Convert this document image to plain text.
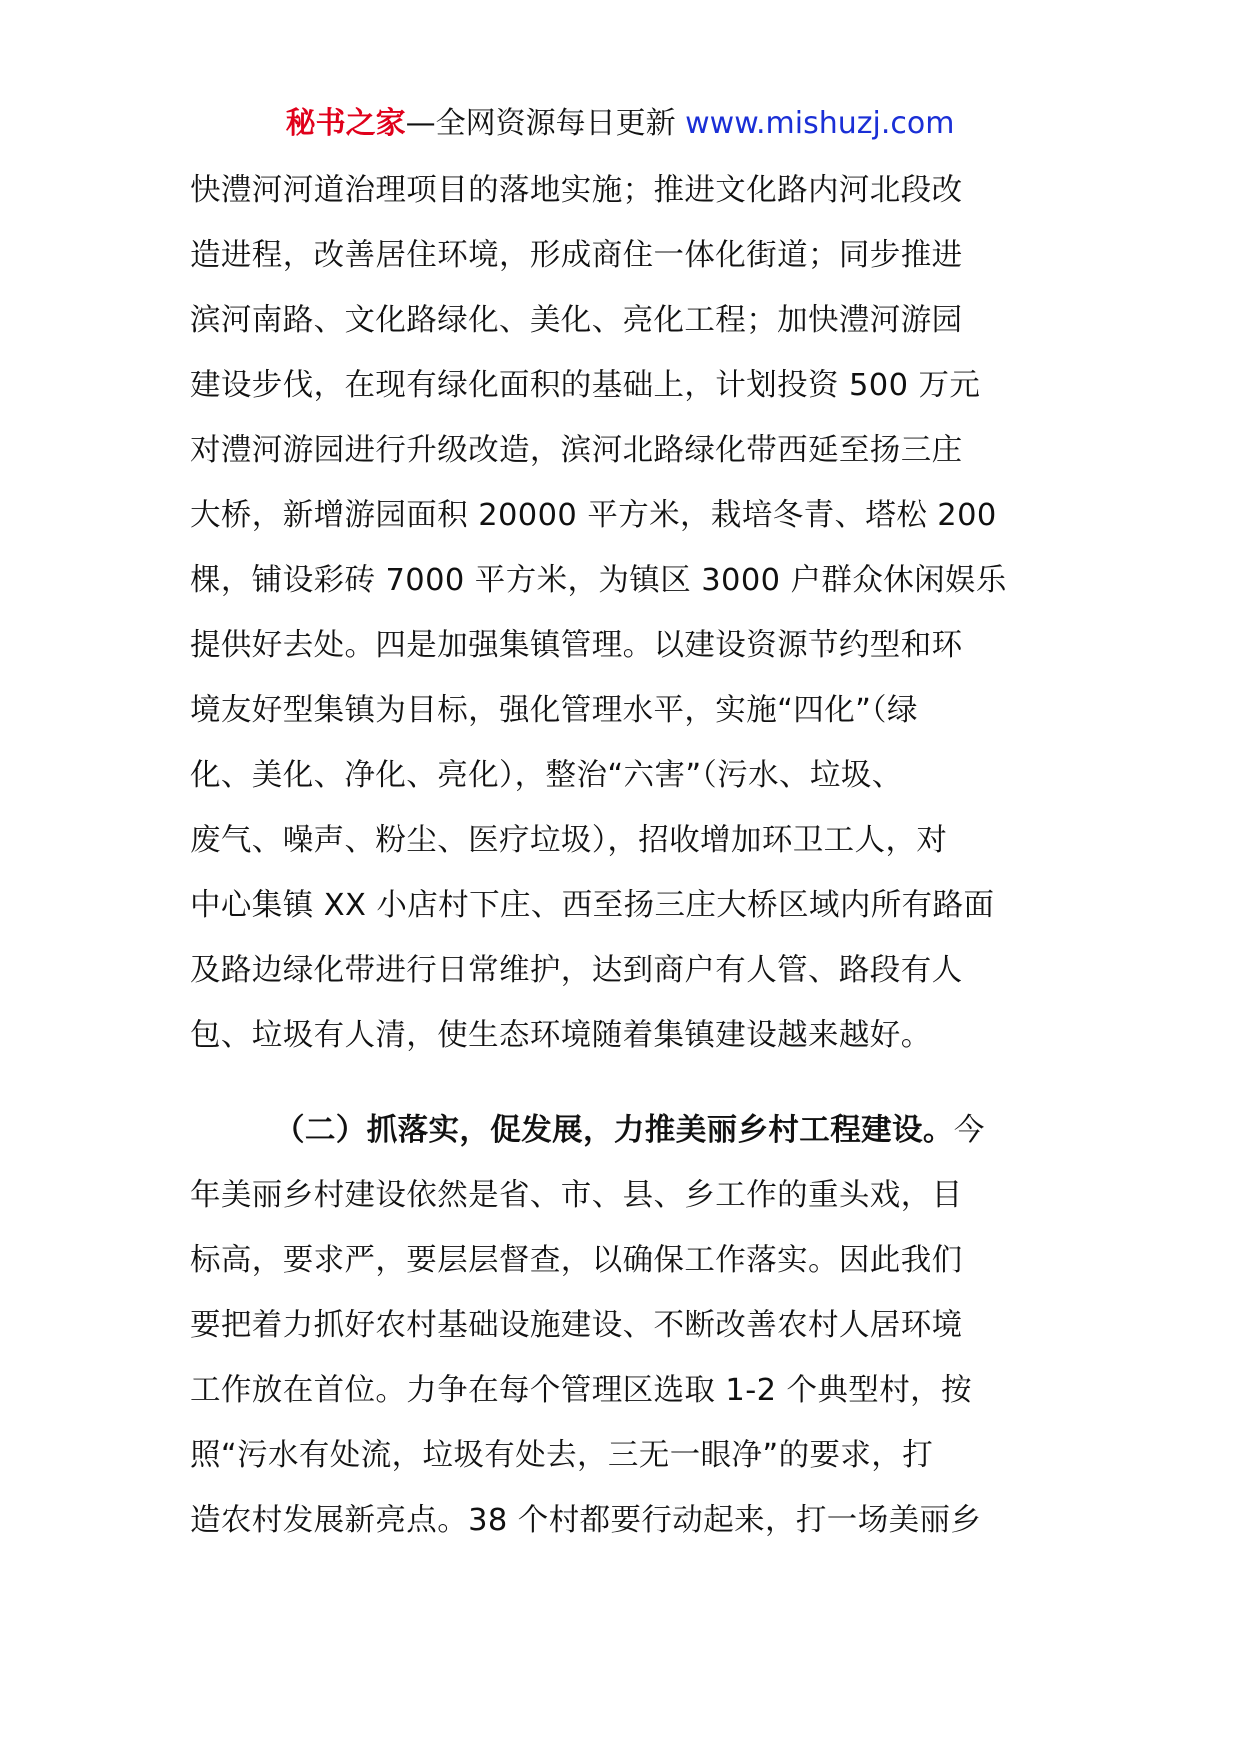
秘书之家—全网资源每日更新 www.mishuzj.com
快澧河河道治理项目的落地实施；推进文化路内河北段改
造进程，改善居住环境，形成商住一体化街道；同步推进
滨河南路、文化路绿化、美化、亮化工程；加快澧河游园
建设步伐，在现有绿化面积的基础上，计划投资 500 万元
对澧河游园进行升级改造，滨河北路绿化带西延至扬三庄
大桥，新增游园面积 20000 平方米，栽培冬青、塔松 200
棵，铺设彩砖 7000 平方米，为镇区 3000 户群众休闲娱乐
提供好去处。四是加强集镇管理。以建设资源节约型和环
境友好型集镇为目标，强化管理水平，实施“四化”（绿
化、美化、净化、亮化），整治“六害”（污水、垃圾、
废气、噪声、粉尘、医疗垃圾），招收增加环卫工人，对
中心集镇 XX 小店村下庄、西至扬三庄大桥区域内所有路面
及路边绿化带进行日常维护，达到商户有人管、路段有人
包、垃圾有人清，使生态环境随着集镇建设越来越好。
（二）抓落实，促发展，力推美丽乡村工程建设。今
年美丽乡村建设依然是省、市、县、乡工作的重头戏，目
标高，要求严，要层层督查，以确保工作落实。因此我们
要把着力抓好农村基础设施建设、不断改善农村人居环境
工作放在首位。力争在每个管理区选取 1-2 个典型村，按
照“污水有处流，垃圾有处去，三无一眼净”的要求，打
造农村发展新亮点。38 个村都要行动起来，打一场美丽乡
